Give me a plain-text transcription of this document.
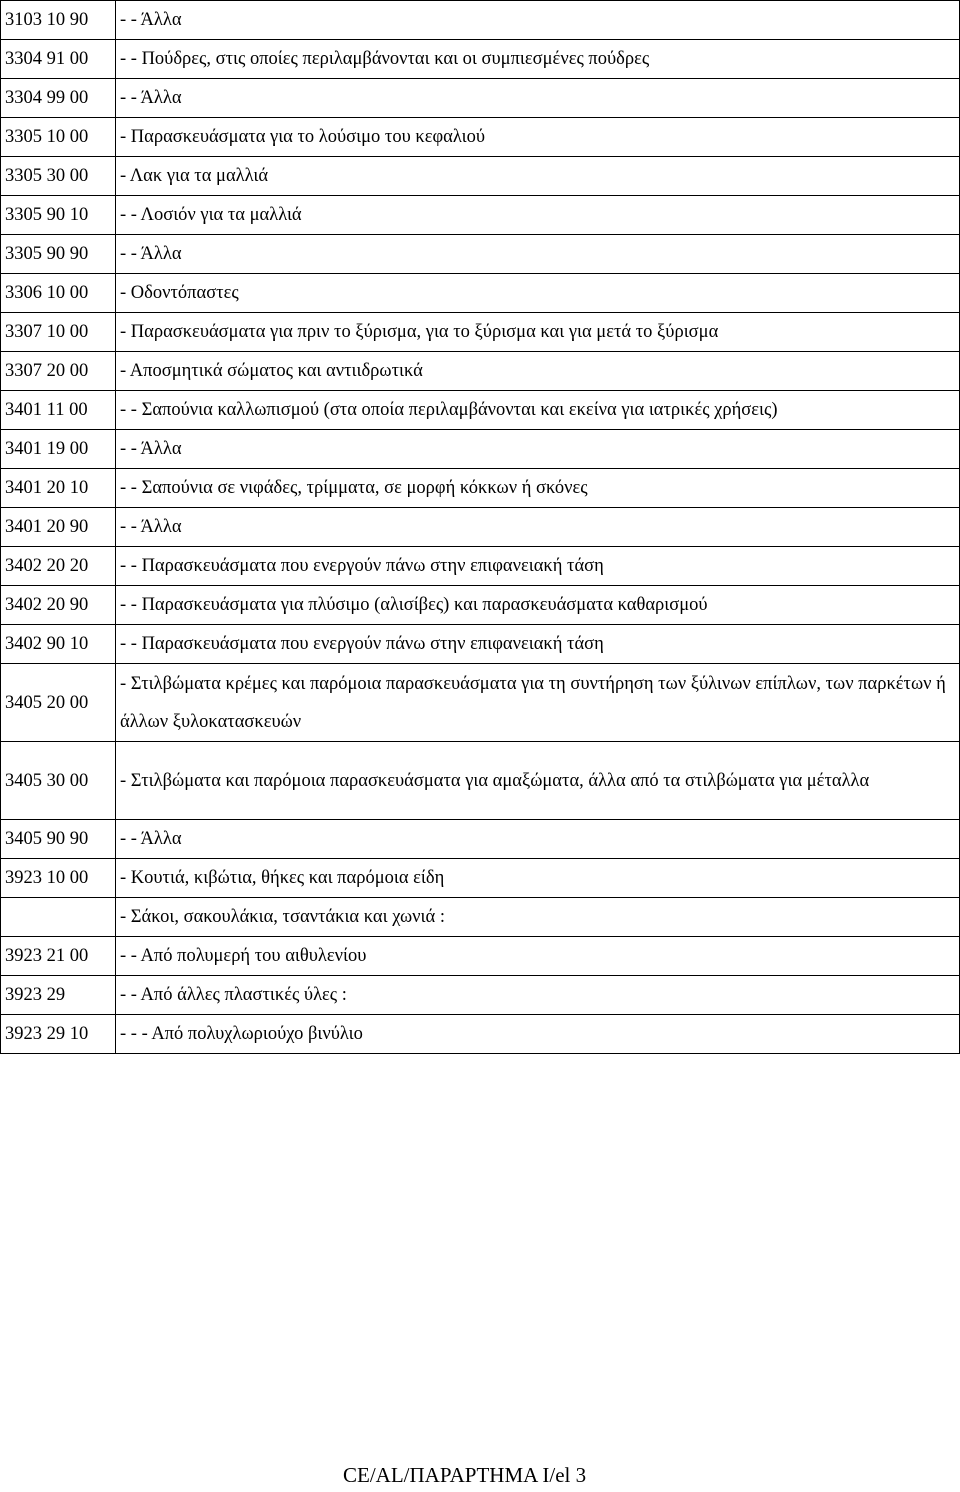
3103 10 90	- - Άλλα
3304 91 00	- - Πούδρες, στις οποίες περιλαμβάνονται και οι συμπιεσμένες πούδρες
3304 99 00	- - Άλλα
3305 10 00	- Παρασκευάσματα για το λούσιμο του κεφαλιού
3305 30 00	- Λακ για τα μαλλιά
3305 90 10	- - Λοσιόν για τα μαλλιά
3305 90 90	- - Άλλα
3306 10 00	- Οδοντόπαστες
3307 10 00	- Παρασκευάσματα για πριν το ξύρισμα, για το ξύρισμα και για μετά το ξύρισμα
3307 20 00	- Αποσμητικά σώματος και αντιιδρωτικά
3401 11 00	- - Σαπούνια καλλωπισμού (στα οποία περιλαμβάνονται και εκείνα για ιατρικές χρήσεις)
3401 19 00	- - Άλλα
3401 20 10	- - Σαπούνια σε νιφάδες, τρίμματα, σε μορφή κόκκων ή σκόνες
3401 20 90	- - Άλλα
3402 20 20	- - Παρασκευάσματα που ενεργούν πάνω στην επιφανειακή τάση
3402 20 90	- - Παρασκευάσματα για πλύσιμο (αλισίβες) και παρασκευάσματα καθαρισμού
3402 90 10	- - Παρασκευάσματα που ενεργούν πάνω στην επιφανειακή τάση
3405 20 00	- Στιλβώματα κρέμες και παρόμοια παρασκευάσματα για τη συντήρηση των ξύλινων επίπλων, των παρκέτων ή άλλων ξυλοκατασκευών
3405 30 00	- Στιλβώματα και παρόμοια παρασκευάσματα για αμαξώματα, άλλα από τα στιλβώματα για μέταλλα
3405 90 90	- - Άλλα
3923 10 00	- Κουτιά, κιβώτια, θήκες και παρόμοια είδη
	- Σάκοι, σακουλάκια, τσαντάκια και χωνιά :
3923 21 00	- - Από πολυμερή του αιθυλενίου
3923 29	- - Από άλλες πλαστικές ύλες :
3923 29 10	- - - Από πολυχλωριούχο βινύλιο
CE/AL/ΠΑΡΑΡΤΗΜΑ I/el 3
